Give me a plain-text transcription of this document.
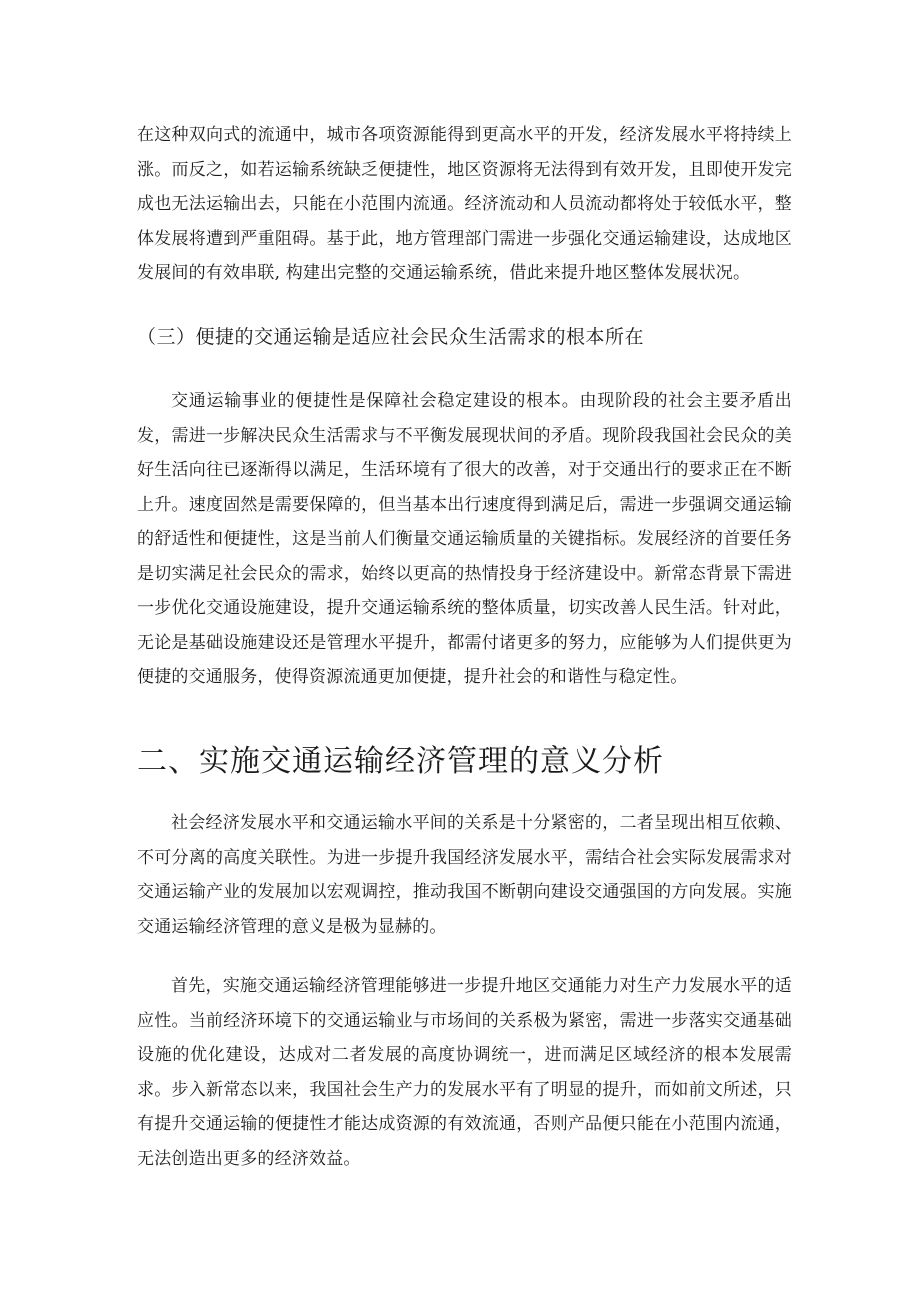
在这种双向式的流通中，城市各项资源能得到更高水平的开发，经济发展水平将持续上涨。而反之，如若运输系统缺乏便捷性，地区资源将无法得到有效开发，且即使开发完成也无法运输出去，只能在小范围内流通。经济流动和人员流动都将处于较低水平，整体发展将遭到严重阻碍。基于此，地方管理部门需进一步强化交通运输建设，达成地区发展间的有效串联, 构建出完整的交通运输系统，借此来提升地区整体发展状况。

（三）便捷的交通运输是适应社会民众生活需求的根本所在

交通运输事业的便捷性是保障社会稳定建设的根本。由现阶段的社会主要矛盾出发，需进一步解决民众生活需求与不平衡发展现状间的矛盾。现阶段我国社会民众的美好生活向往已逐渐得以满足，生活环境有了很大的改善，对于交通出行的要求正在不断上升。速度固然是需要保障的，但当基本出行速度得到满足后，需进一步强调交通运输的舒适性和便捷性，这是当前人们衡量交通运输质量的关键指标。发展经济的首要任务是切实满足社会民众的需求，始终以更高的热情投身于经济建设中。新常态背景下需进一步优化交通设施建设，提升交通运输系统的整体质量，切实改善人民生活。针对此，无论是基础设施建设还是管理水平提升，都需付诸更多的努力，应能够为人们提供更为便捷的交通服务，使得资源流通更加便捷，提升社会的和谐性与稳定性。

二、实施交通运输经济管理的意义分析

社会经济发展水平和交通运输水平间的关系是十分紧密的，二者呈现出相互依赖、不可分离的高度关联性。为进一步提升我国经济发展水平，需结合社会实际发展需求对交通运输产业的发展加以宏观调控，推动我国不断朝向建设交通强国的方向发展。实施交通运输经济管理的意义是极为显赫的。

首先，实施交通运输经济管理能够进一步提升地区交通能力对生产力发展水平的适应性。当前经济环境下的交通运输业与市场间的关系极为紧密，需进一步落实交通基础设施的优化建设，达成对二者发展的高度协调统一，进而满足区域经济的根本发展需求。步入新常态以来，我国社会生产力的发展水平有了明显的提升，而如前文所述，只有提升交通运输的便捷性才能达成资源的有效流通，否则产品便只能在小范围内流通，无法创造出更多的经济效益。
